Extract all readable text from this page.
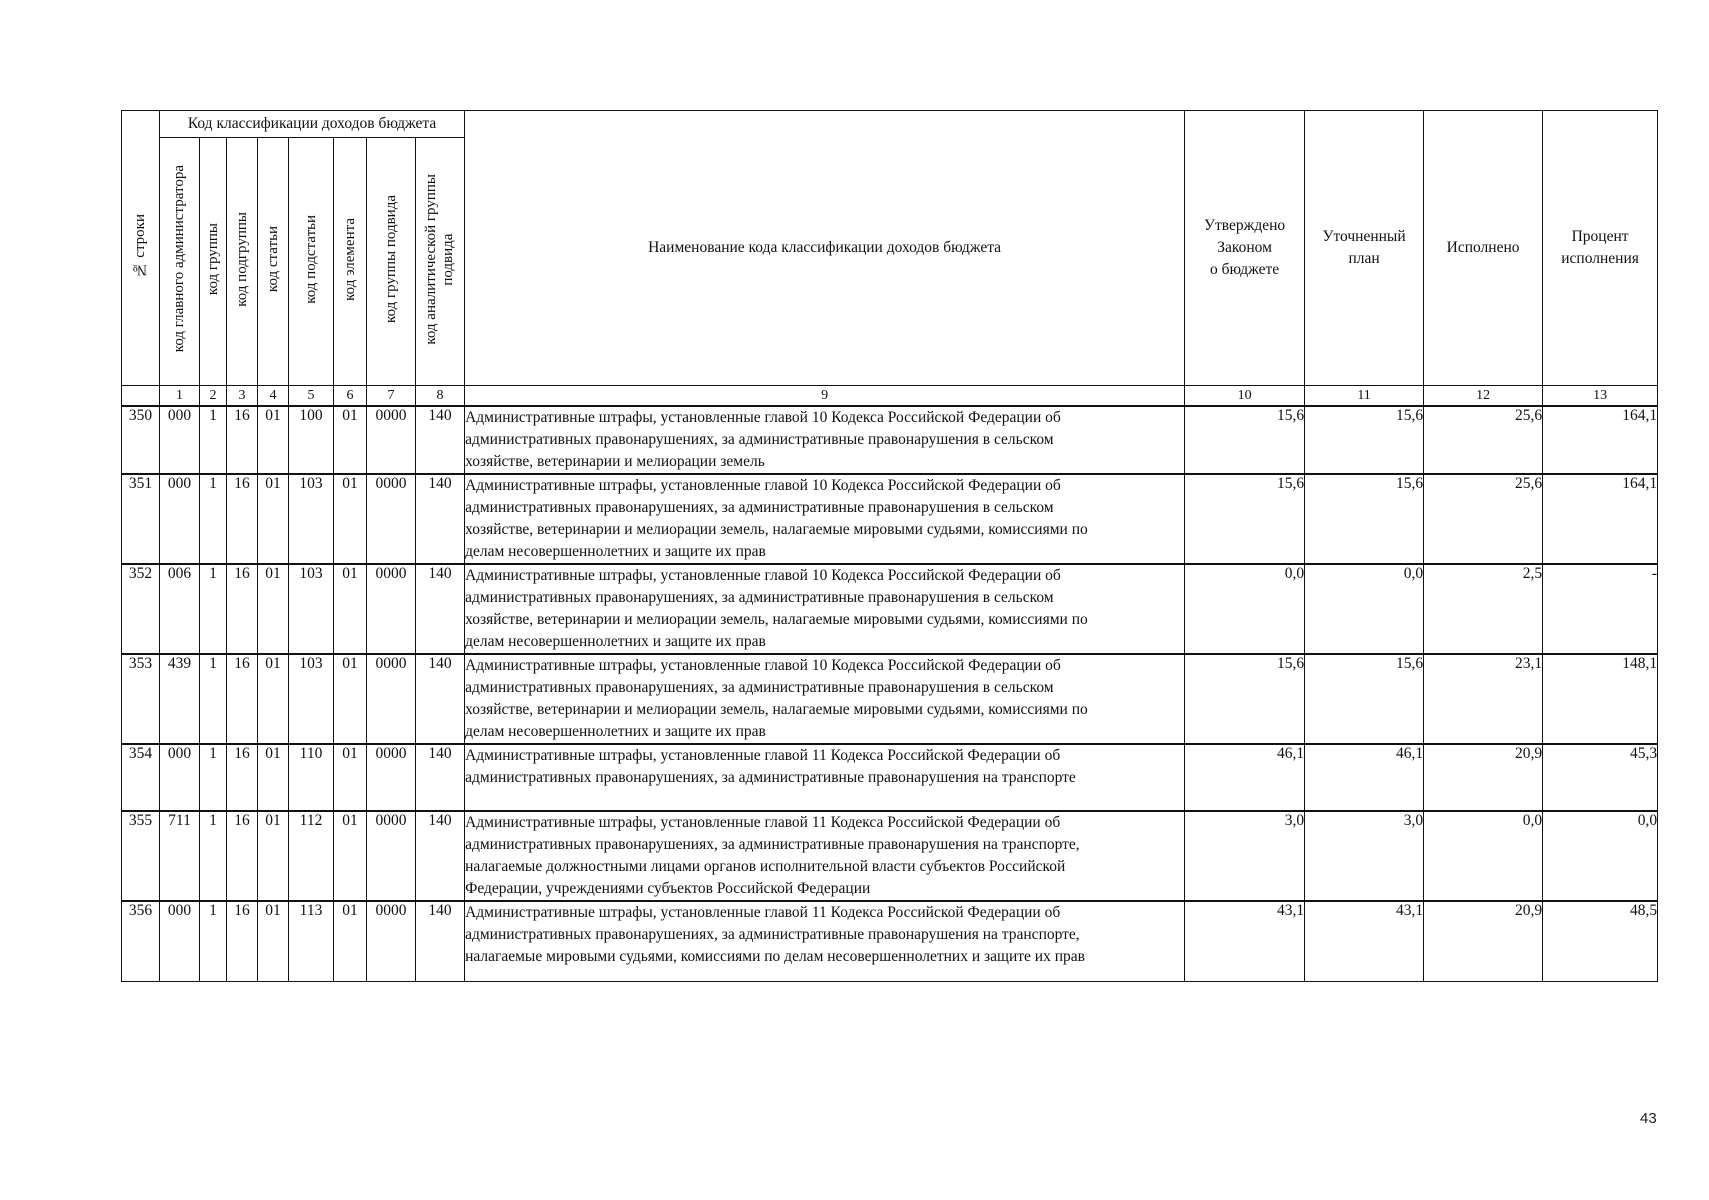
№ строки	Код классификации доходов бюджета								Наименование кода классификации доходов бюджета	Утверждено
Законом
о бюджете	Уточненный
план	Исполнено	Процент
исполнения
	код главного администратора	код группы	код подгруппы	код статьи	код подстатьи	код элемента	код группы подвида	код аналитической группы
подвида					
	1	2	3	4	5	6	7	8	9	10	11	12	13
350	000	1	16	01	100	01	0000	140	Административные штрафы, установленные главой 10 Кодекса Российской Федерации об
административных правонарушениях, за административные правонарушения в сельском
хозяйстве, ветеринарии и мелиорации земель	15,6	15,6	25,6	164,1
351	000	1	16	01	103	01	0000	140	Административные штрафы, установленные главой 10 Кодекса Российской Федерации об
административных правонарушениях, за административные правонарушения в сельском
хозяйстве, ветеринарии и мелиорации земель, налагаемые мировыми судьями, комиссиями по
делам несовершеннолетних и защите их прав	15,6	15,6	25,6	164,1
352	006	1	16	01	103	01	0000	140	Административные штрафы, установленные главой 10 Кодекса Российской Федерации об
административных правонарушениях, за административные правонарушения в сельском
хозяйстве, ветеринарии и мелиорации земель, налагаемые мировыми судьями, комиссиями по
делам несовершеннолетних и защите их прав	0,0	0,0	2,5	-
353	439	1	16	01	103	01	0000	140	Административные штрафы, установленные главой 10 Кодекса Российской Федерации об
административных правонарушениях, за административные правонарушения в сельском
хозяйстве, ветеринарии и мелиорации земель, налагаемые мировыми судьями, комиссиями по
делам несовершеннолетних и защите их прав	15,6	15,6	23,1	148,1
354	000	1	16	01	110	01	0000	140	Административные штрафы, установленные главой 11 Кодекса Российской Федерации об
административных правонарушениях, за административные правонарушения на транспорте	46,1	46,1	20,9	45,3
355	711	1	16	01	112	01	0000	140	Административные штрафы, установленные главой 11 Кодекса Российской Федерации об
административных правонарушениях, за административные правонарушения на транспорте,
налагаемые должностными лицами органов исполнительной власти субъектов Российской
Федерации, учреждениями субъектов Российской Федерации	3,0	3,0	0,0	0,0
356	000	1	16	01	113	01	0000	140	Административные штрафы, установленные главой 11 Кодекса Российской Федерации об
административных правонарушениях, за административные правонарушения на транспорте,
налагаемые мировыми судьями, комиссиями по делам несовершеннолетних и защите их прав	43,1	43,1	20,9	48,5
43
